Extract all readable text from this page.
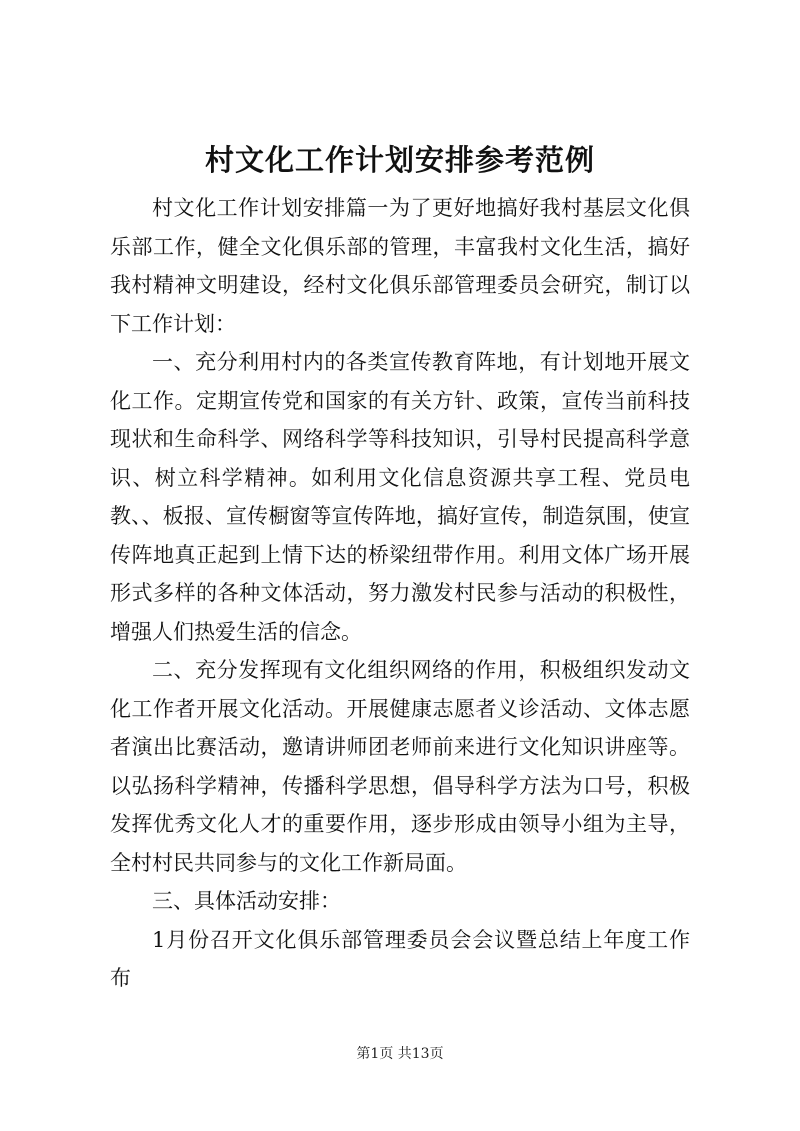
村文化工作计划安排参考范例

村文化工作计划安排篇一为了更好地搞好我村基层文化俱乐部工作，健全文化俱乐部的管理，丰富我村文化生活，搞好我村精神文明建设，经村文化俱乐部管理委员会研究，制订以下工作计划：

一、充分利用村内的各类宣传教育阵地，有计划地开展文化工作。定期宣传党和国家的有关方针、政策，宣传当前科技现状和生命科学、网络科学等科技知识，引导村民提高科学意识、树立科学精神。如利用文化信息资源共享工程、党员电教、、板报、宣传橱窗等宣传阵地，搞好宣传，制造氛围，使宣传阵地真正起到上情下达的桥梁纽带作用。利用文体广场开展形式多样的各种文体活动，努力激发村民参与活动的积极性，增强人们热爱生活的信念。

二、充分发挥现有文化组织网络的作用，积极组织发动文化工作者开展文化活动。开展健康志愿者义诊活动、文体志愿者演出比赛活动，邀请讲师团老师前来进行文化知识讲座等。以弘扬科学精神，传播科学思想，倡导科学方法为口号，积极发挥优秀文化人才的重要作用，逐步形成由领导小组为主导，全村村民共同参与的文化工作新局面。

三、具体活动安排：

1月份召开文化俱乐部管理委员会会议暨总结上年度工作布

第1页 共13页
